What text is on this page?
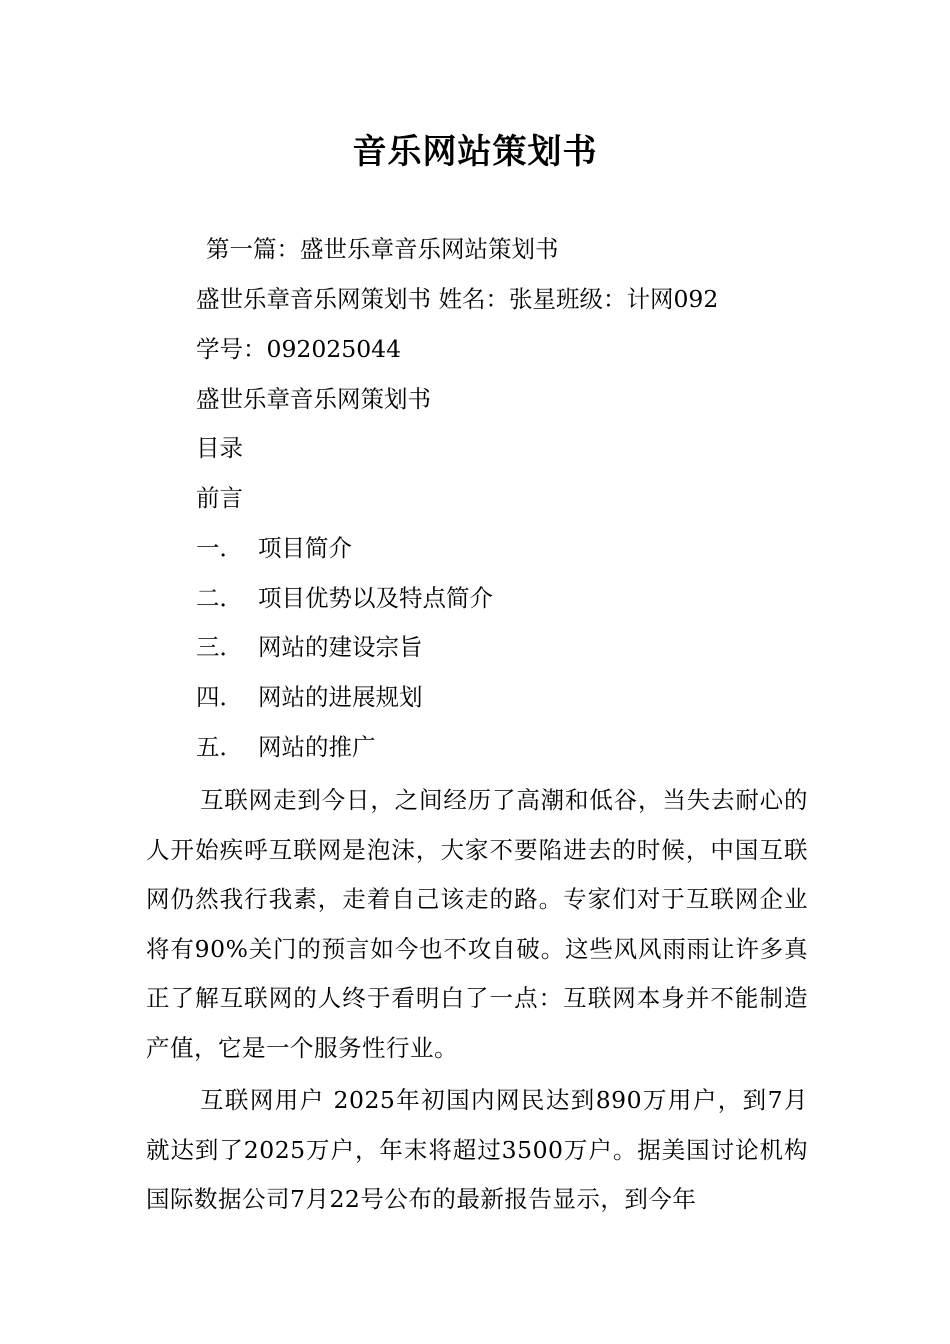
音乐网站策划书
第一篇：盛世乐章音乐网站策划书
盛世乐章音乐网策划书 姓名：张星班级：计网092
学号：092025044
盛世乐章音乐网策划书
目录
前言
一． 项目简介
二． 项目优势以及特点简介
三． 网站的建设宗旨
四． 网站的进展规划
五． 网站的推广
互联网走到今日，之间经历了高潮和低谷，当失去耐心的人开始疾呼互联网是泡沫，大家不要陷进去的时候，中国互联网仍然我行我素，走着自己该走的路。专家们对于互联网企业将有90%关门的预言如今也不攻自破。这些风风雨雨让许多真正了解互联网的人终于看明白了一点：互联网本身并不能制造产值，它是一个服务性行业。
互联网用户 2025年初国内网民达到890万用户，到7月就达到了2025万户，年末将超过3500万户。据美国讨论机构国际数据公司7月22号公布的最新报告显示，到今年
